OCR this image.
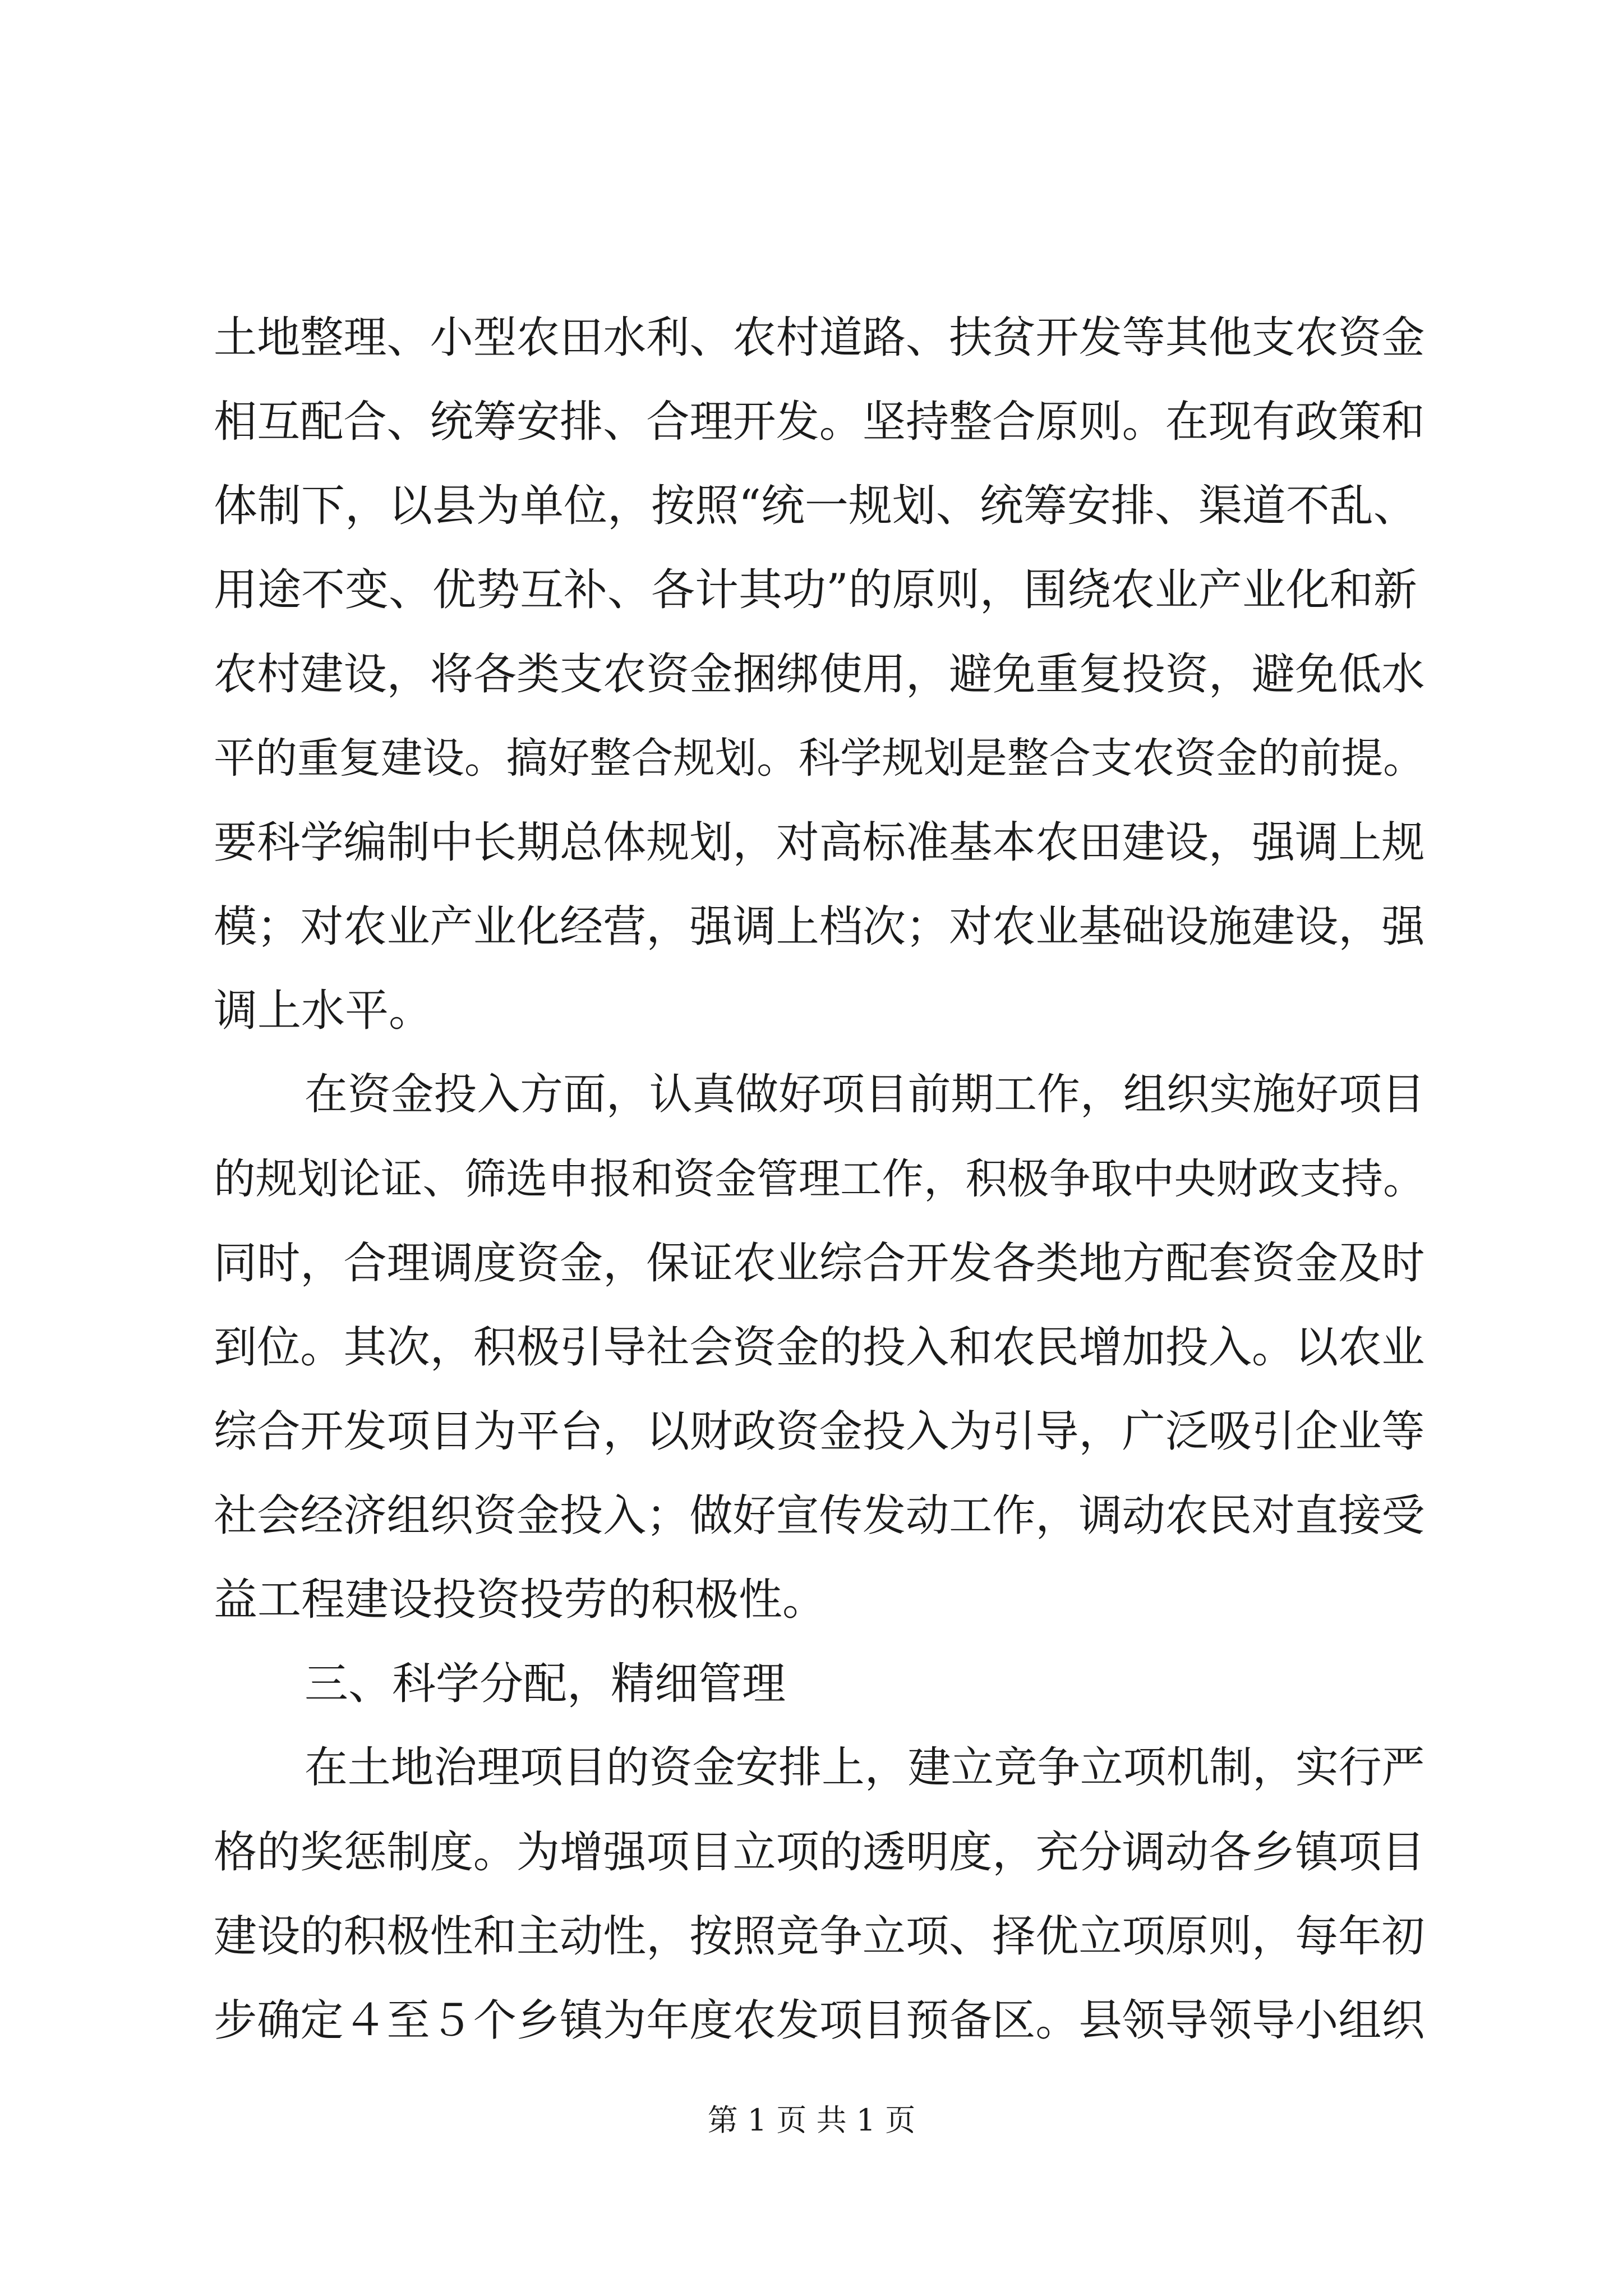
土地整理、小型农田水利、农村道路、扶贫开发等其他支农资金
相互配合、统筹安排、合理开发。坚持整合原则。在现有政策和
体制下，以县为单位，按照“统一规划、统筹安排、渠道不乱、
用途不变、优势互补、各计其功”的原则，围绕农业产业化和新
农村建设，将各类支农资金捆绑使用，避免重复投资，避免低水
平的重复建设。搞好整合规划。科学规划是整合支农资金的前提。
要科学编制中长期总体规划，对高标准基本农田建设，强调上规
模；对农业产业化经营，强调上档次；对农业基础设施建设，强
调上水平。
在资金投入方面，认真做好项目前期工作，组织实施好项目
的规划论证、筛选申报和资金管理工作，积极争取中央财政支持。
同时，合理调度资金，保证农业综合开发各类地方配套资金及时
到位。其次，积极引导社会资金的投入和农民增加投入。以农业
综合开发项目为平台，以财政资金投入为引导，广泛吸引企业等
社会经济组织资金投入；做好宣传发动工作，调动农民对直接受
益工程建设投资投劳的积极性。
三、科学分配，精细管理
在土地治理项目的资金安排上，建立竞争立项机制，实行严
格的奖惩制度。为增强项目立项的透明度，充分调动各乡镇项目
建设的积极性和主动性，按照竞争立项、择优立项原则，每年初
步确定４至５个乡镇为年度农发项目预备区。县领导领导小组织
第 1 页 共 1 页
